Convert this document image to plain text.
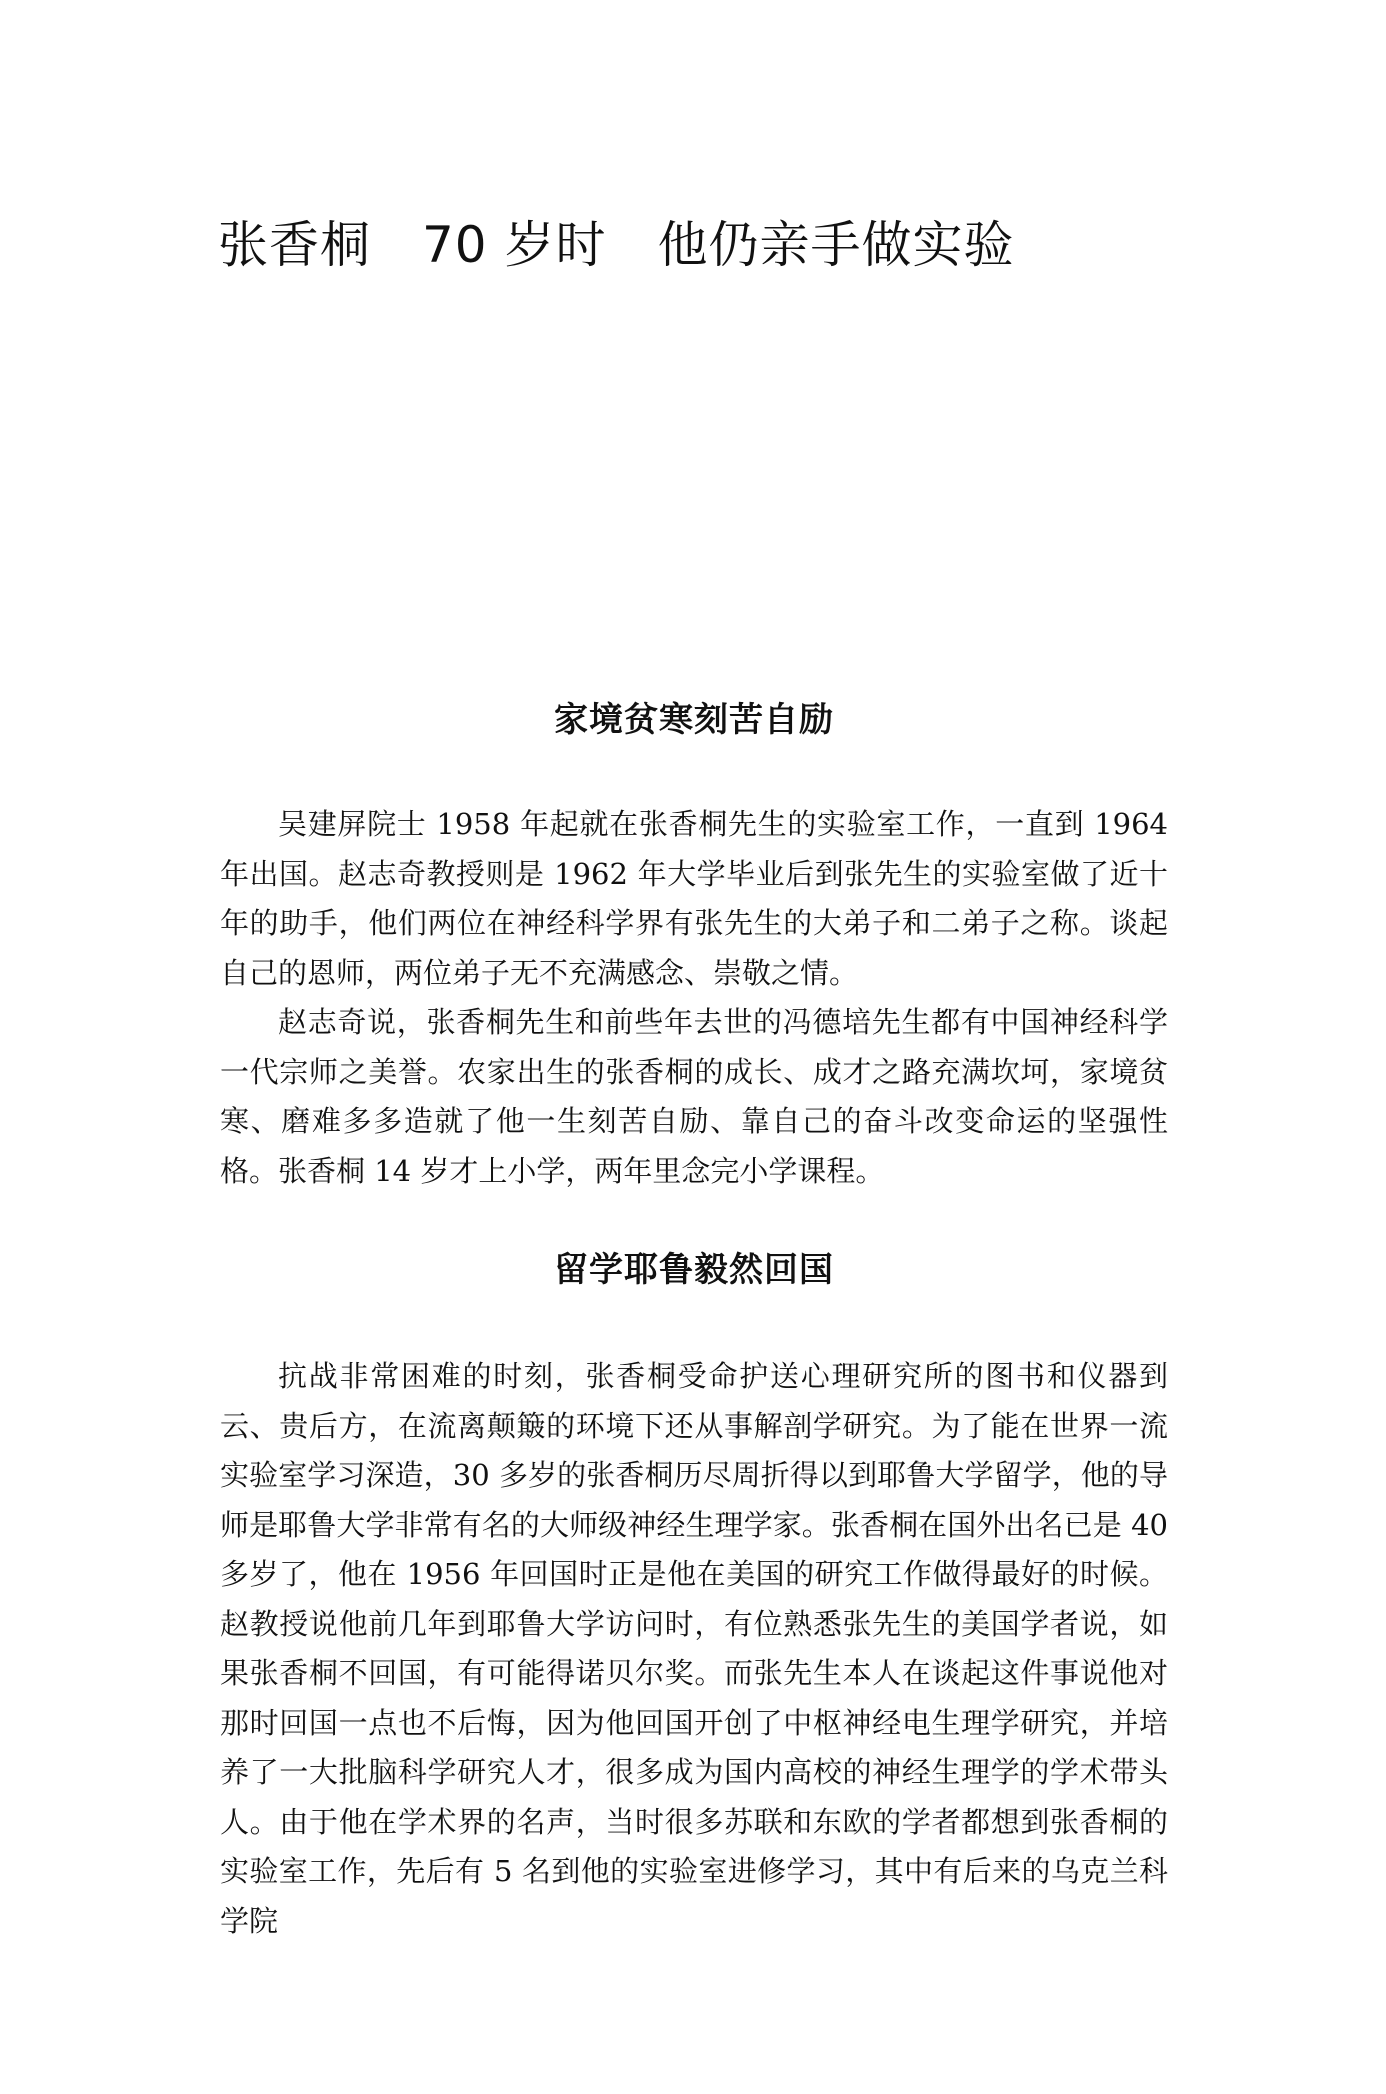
张香桐　70 岁时　他仍亲手做实验
家境贫寒刻苦自励

吴建屏院士 1958 年起就在张香桐先生的实验室工作，一直到 1964 年出国。赵志奇教授则是 1962 年大学毕业后到张先生的实验室做了近十年的助手，他们两位在神经科学界有张先生的大弟子和二弟子之称。谈起自己的恩师，两位弟子无不充满感念、崇敬之情。

赵志奇说，张香桐先生和前些年去世的冯德培先生都有中国神经科学一代宗师之美誉。农家出生的张香桐的成长、成才之路充满坎坷，家境贫寒、磨难多多造就了他一生刻苦自励、靠自己的奋斗改变命运的坚强性格。张香桐 14 岁才上小学，两年里念完小学课程。

留学耶鲁毅然回国

抗战非常困难的时刻，张香桐受命护送心理研究所的图书和仪器到云、贵后方，在流离颠簸的环境下还从事解剖学研究。为了能在世界一流实验室学习深造，30 多岁的张香桐历尽周折得以到耶鲁大学留学，他的导师是耶鲁大学非常有名的大师级神经生理学家。张香桐在国外出名已是 40 多岁了，他在 1956 年回国时正是他在美国的研究工作做得最好的时候。赵教授说他前几年到耶鲁大学访问时，有位熟悉张先生的美国学者说，如果张香桐不回国，有可能得诺贝尔奖。而张先生本人在谈起这件事说他对那时回国一点也不后悔，因为他回国开创了中枢神经电生理学研究，并培养了一大批脑科学研究人才，很多成为国内高校的神经生理学的学术带头人。由于他在学术界的名声，当时很多苏联和东欧的学者都想到张香桐的实验室工作，先后有 5 名到他的实验室进修学习，其中有后来的乌克兰科学院
